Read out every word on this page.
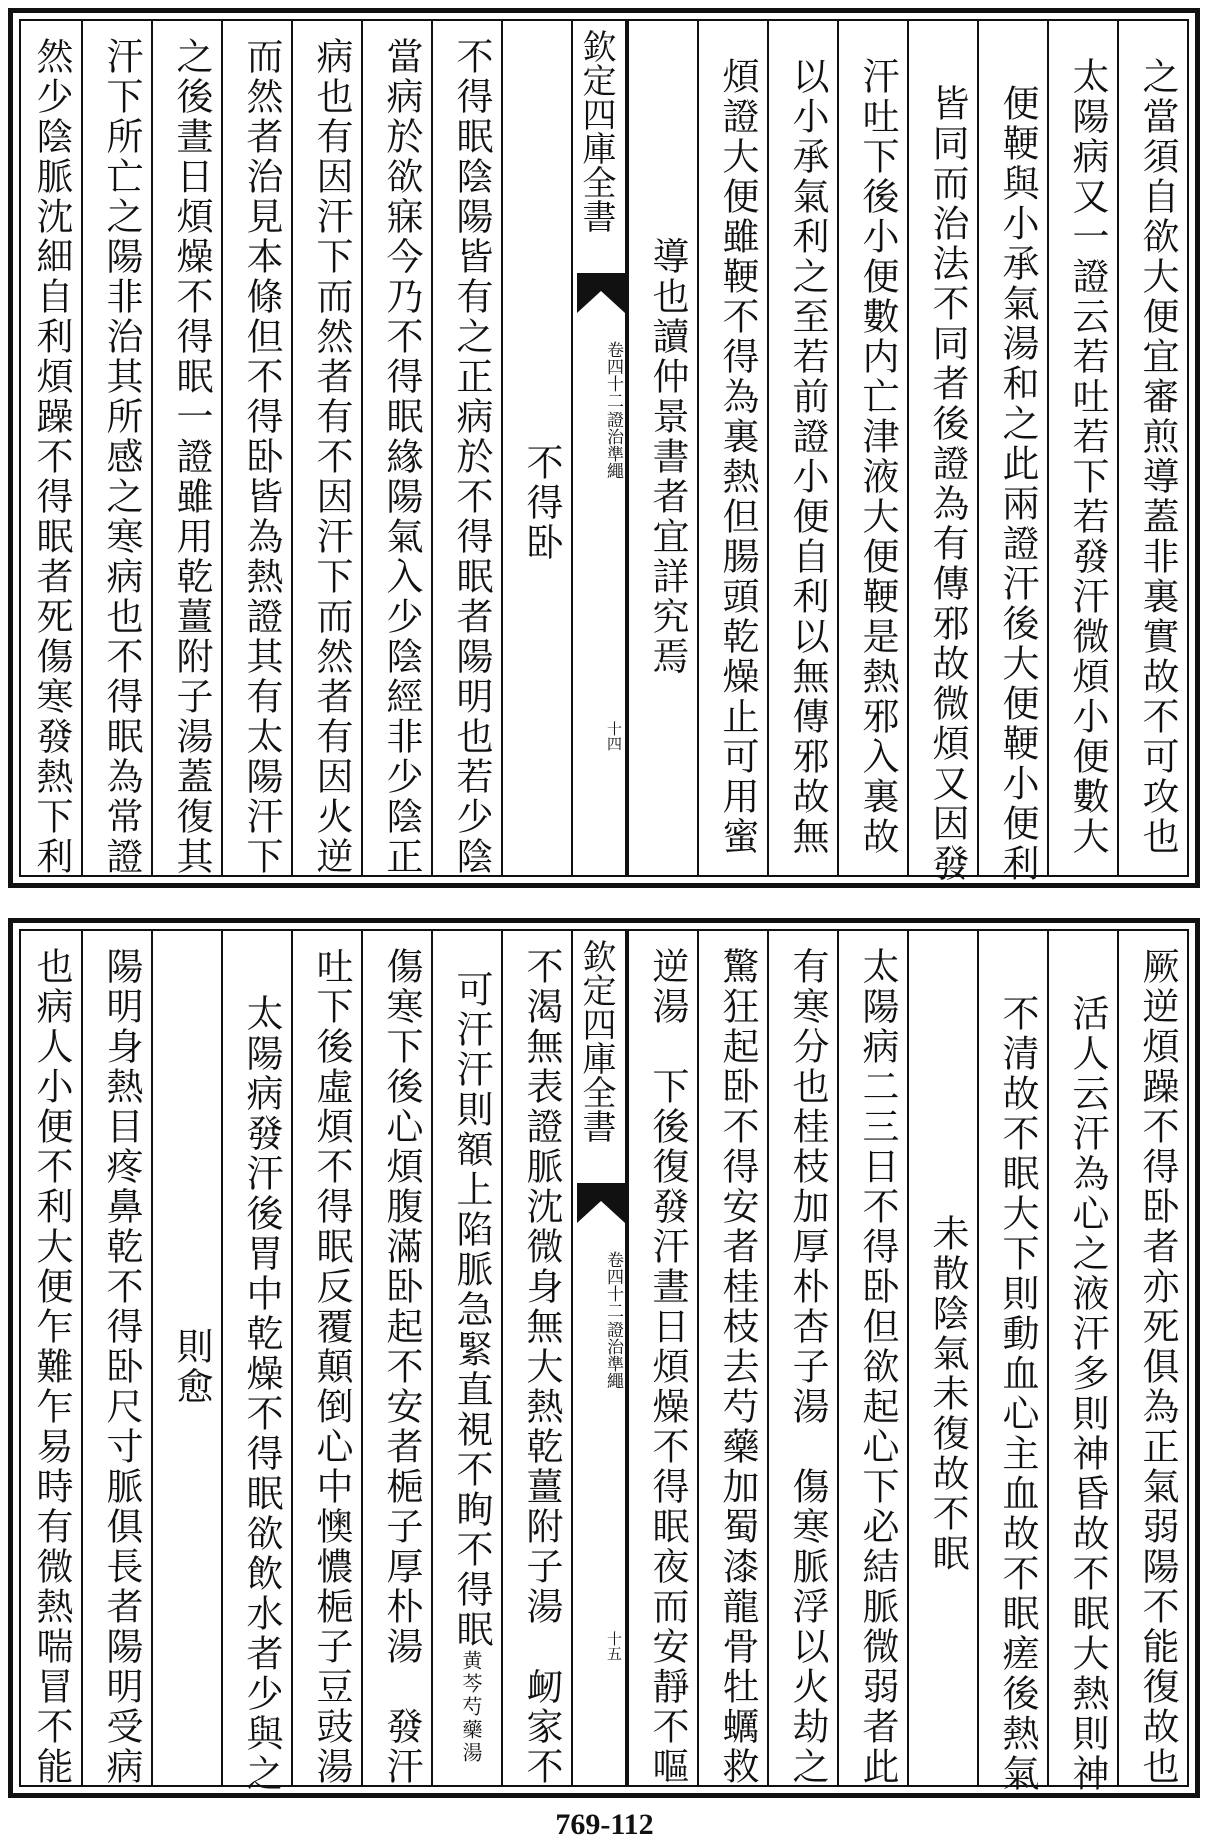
之當須自欲大便宜審煎導蓋非裏實故不可攻也
太陽病又一證云若吐若下若發汗微煩小便數大
便鞕與小承氣湯和之此兩證汗後大便鞕小便利
皆同而治法不同者後證為有傳邪故微煩又因發
汗吐下後小便數内亡津液大便鞕是熱邪入裏故
以小承氣利之至若前證小便自利以無傳邪故無
煩證大便雖鞕不得為裏熱但腸頭乾燥止可用蜜
導也讀仲景書者宜詳究焉
欽定四庫全書
證治準繩
卷四十二
十四
不得卧
不得眠陰陽皆有之正病於不得眠者陽明也若少陰
當病於欲寐今乃不得眠緣陽氣入少陰經非少陰正
病也有因汗下而然者有不因汗下而然者有因火逆
而然者治見本條但不得卧皆為熱證其有太陽汗下
之後晝日煩燥不得眠一證雖用乾薑附子湯蓋復其
汗下所亡之陽非治其所感之寒病也不得眠為常證
然少陰脈沈細自利煩躁不得眠者死傷寒發熱下利
厥逆煩躁不得卧者亦死俱為正氣弱陽不能復故也
活人云汗為心之液汗多則神昏故不眠大熱則神
不清故不眠大下則動血心主血故不眠瘥後熱氣
未散陰氣未復故不眠
太陽病二三日不得卧但欲起心下必結脈微弱者此
有寒分也桂枝加厚朴杏子湯　傷寒脈浮以火劫之
驚狂起卧不得安者桂枝去芍藥加蜀漆龍骨牡蠣救
逆湯　下後復發汗晝日煩燥不得眠夜而安靜不嘔
欽定四庫全書
證治準繩
卷四十二
十五
不渴無表證脈沈微身無大熱乾薑附子湯　衂家不
可汗汗則額上陷脈急緊直視不眴不得眠黄芩芍藥湯
傷寒下後心煩腹滿卧起不安者梔子厚朴湯　發汗
吐下後虛煩不得眠反覆顛倒心中懊憹梔子豆豉湯
太陽病發汗後胃中乾燥不得眠欲飲水者少與之
則愈
陽明身熱目疼鼻乾不得卧尺寸脈俱長者陽明受病
也病人小便不利大便乍難乍易時有微熱喘冒不能
769-112
